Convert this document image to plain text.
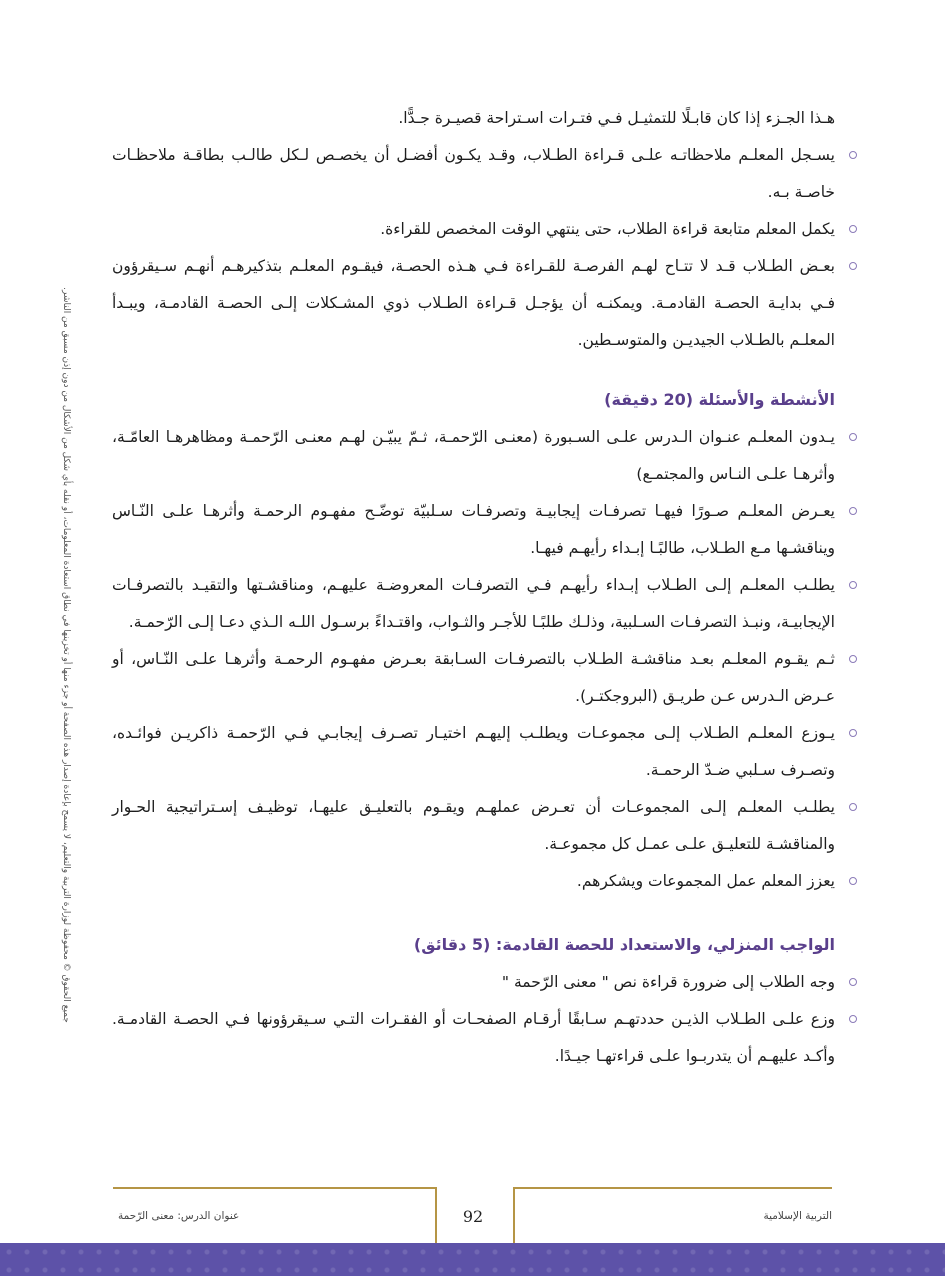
جميع الحقوق © محفوظة لوزارة التربية والتعليم، لا يسمح بإعادة إصدار هذه الصفحة أو جزء منها أو تخزينها في نطاق استعادة المعلومات، أو نقله بأي شكل من الأشكال من دون إذن مسبق من الناشر.
هـذا الجـزء إذا كان قابـلًا للتمثيـل فـي فتـرات اسـتراحة قصيـرة جـدًّا.
يسـجل المعلـم ملاحظاتـه علـى قـراءة الطـلاب، وقـد يكـون أفضـل أن يخصـص لـكل طالـب بطاقـة ملاحظـات خاصـة بـه.
يكمل المعلم متابعة قراءة الطلاب، حتى ينتهي الوقت المخصص للقراءة.
بعـض الطـلاب قـد لا تتـاح لهـم الفرصـة للقـراءة فـي هـذه الحصـة، فيقـوم المعلـم بتذكيرهـم أنهـم سـيقرؤون فـي بدايـة الحصـة القادمـة. ويمكنـه أن يؤجـل قـراءة الطـلاب ذوي المشـكلات إلـى الحصـة القادمـة، ويبـدأ المعلـم بالطـلاب الجيديـن والمتوسـطين.
الأنشطة والأسئلة (20 دقيقة)
يـدون المعلـم عنـوان الـدرس علـى السـبورة (معنـى الرّحمـة، ثـمّ يبيّـن لهـم معنـى الرّحمـة ومظاهرهـا العامّـة، وأثرهـا علـى النـاس والمجتمـع)
يعـرض المعلـم صـورًا فيهـا تصرفـات إيجابيـة وتصرفـات سـلبيّة توضّـح مفهـوم الرحمـة وأثرهـا علـى النّـاس ويناقشـها مـع الطـلاب، طالبًـا إبـداء رأيهـم فيهـا.
يطلـب المعلـم إلـى الطـلاب إبـداء رأيهـم فـي التصرفـات المعروضـة عليهـم، ومناقشـتها والتقيـد بالتصرفـات الإيجابيـة، ونبـذ التصرفـات السـلبية، وذلـك طلبًـا للأجـر والثـواب، واقتـداءً برسـول اللـه الـذي دعـا إلـى الرّحمـة.
ثـم يقـوم المعلـم بعـد مناقشـة الطـلاب بالتصرفـات السـابقة بعـرض مفهـوم الرحمـة وأثرهـا علـى النّـاس، أو عـرض الـدرس عـن طريـق (البروجكتـر).
يـوزع المعلـم الطـلاب إلـى مجموعـات ويطلـب إليهـم اختيـار تصـرف إيجابـي فـي الرّحمـة ذاكريـن فوائـده، وتصـرف سـلبي ضـدّ الرحمـة.
يطلـب المعلـم إلـى المجموعـات أن تعـرض عملهـم ويقـوم بالتعليـق عليهـا، توظيـف إسـتراتيجية الحـوار والمناقشـة للتعليـق علـى عمـل كل مجموعـة.
يعزز المعلم عمل المجموعات ويشكرهم.
الواجب المنزلي، والاستعداد للحصة القادمة: (5 دقائق)
وجه الطلاب إلى ضرورة قراءة نص " معنى الرّحمة "
وزع علـى الطـلاب الذيـن حددتهـم سـابقًا أرقـام الصفحـات أو الفقـرات التـي سـيقرؤونها فـي الحصـة القادمـة. وأكـد عليهـم أن يتدربـوا علـى قراءتهـا جيـدًا.
92
عنوان الدرس: معنى الرّحمة	التربية الإسلامية
